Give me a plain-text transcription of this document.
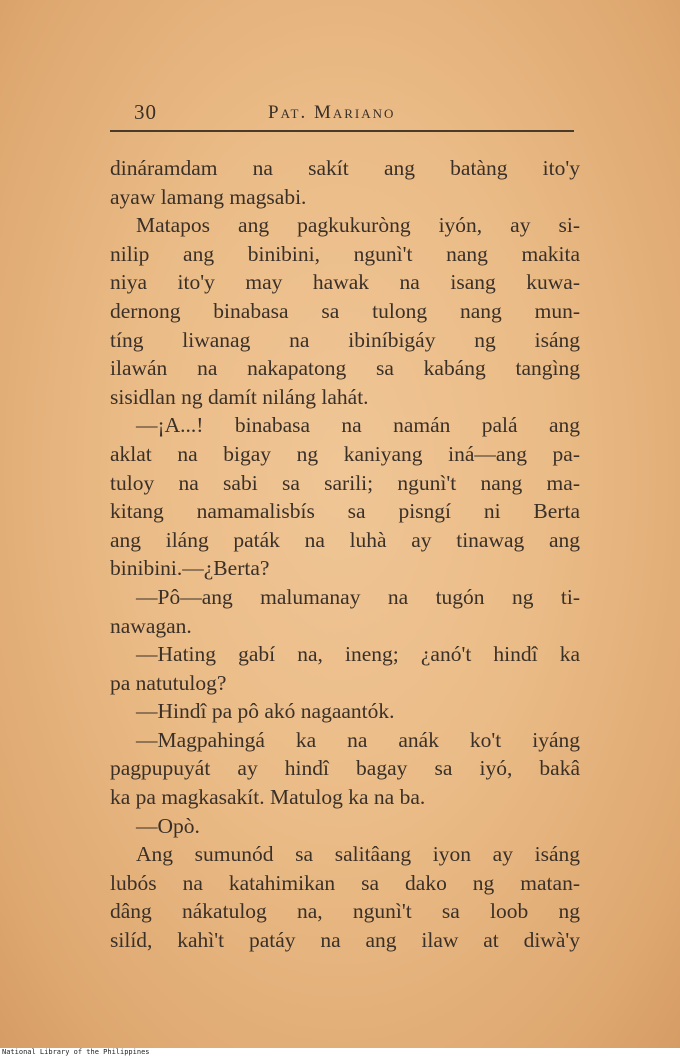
30	Pat. Mariano
dináramdam na sakít ang batàng ito'y
ayaw lamang magsabi.
Matapos ang pagkukuròng iyón, ay si-
nilip ang binibini, ngunì't nang makita
niya ito'y may hawak na isang kuwa-
dernong binabasa sa tulong nang mun-
tíng liwanag na ibiníbigáy ng isáng
ilawán na nakapatong sa kabáng tangìng
sisidlan ng damít niláng lahát.
—¡A...! binabasa na namán palá ang
aklat na bigay ng kaniyang iná—ang pa-
tuloy na sabi sa sarili; ngunì't nang ma-
kitang namamalisbís sa pisngí ni Berta
ang iláng paták na luhà ay tinawag ang
binibini.—¿Berta?
—Pô—ang malumanay na tugón ng ti-
nawagan.
—Hating gabí na, ineng; ¿anó't hindî ka
pa natutulog?
—Hindî pa pô akó nagaantók.
—Magpahingá ka na anák ko't iyáng
pagpupuyát ay hindî bagay sa iyó, bakâ
ka pa magkasakít. Matulog ka na ba.
—Opò.
Ang sumunód sa salitâang iyon ay isáng
lubós na katahimikan sa dako ng matan-
dâng nákatulog na, ngunì't sa loob ng
silíd, kahì't patáy na ang ilaw at diwà'y
National Library of the Philippines
